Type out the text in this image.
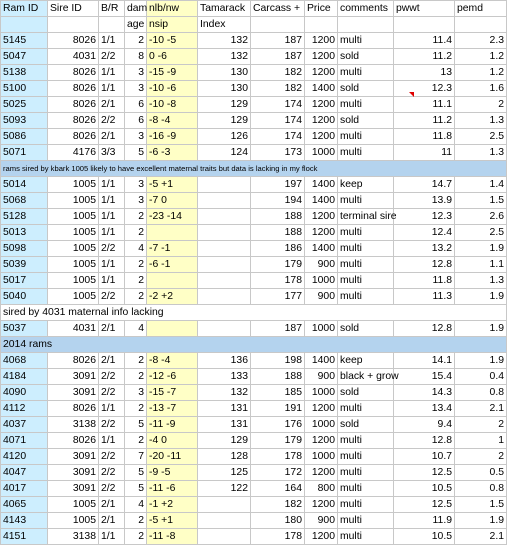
Ram ID	Sire ID	B/R	dam	nlb/nw	Tamarack	Carcass +	Price	comments	pwwt	pemd
			age	nsip	Index					
5145	8026	1/1	2	-10 -5	132	187	1200	multi	11.4	2.3
5047	4031	2/2	8	0 -6	132	187	1200	sold	11.2	1.2
5138	8026	1/1	3	-15 -9	130	182	1200	multi	13	1.2
5100	8026	1/1	3	-10 -6	130	182	1400	sold	12.3	1.6
5025	8026	2/1	6	-10 -8	129	174	1200	multi	11.1	2
5093	8026	2/2	6	-8 -4	129	174	1200	sold	11.2	1.3
5086	8026	2/1	3	-16 -9	126	174	1200	multi	11.8	2.5
5071	4176	3/3	5	-6 -3	124	173	1000	multi	11	1.3
rams sired by kbark 1005 likely to have excellent maternal traits but data is lacking in my flock										
5014	1005	1/1	3	-5 +1		197	1400	keep	14.7	1.4
5068	1005	1/1	3	-7 0		194	1400	multi	13.9	1.5
5128	1005	1/1	2	-23 -14		188	1200	terminal sire	12.3	2.6
5013	1005	1/1	2			188	1200	multi	12.4	2.5
5098	1005	2/2	4	-7 -1		186	1400	multi	13.2	1.9
5039	1005	1/1	2	-6 -1		179	900	multi	12.8	1.1
5017	1005	1/1	2			178	1000	multi	11.8	1.3
5040	1005	2/2	2	-2 +2		177	900	multi	11.3	1.9
sired by 4031 maternal info lacking										
5037	4031	2/1	4			187	1000	sold	12.8	1.9
2014 rams										
4068	8026	2/1	2	-8 -4	136	198	1400	keep	14.1	1.9
4184	3091	2/2	2	-12 -6	133	188	900	black + grow	15.4	0.4
4090	3091	2/2	3	-15 -7	132	185	1000	sold	14.3	0.8
4112	8026	1/1	2	-13 -7	131	191	1200	multi	13.4	2.1
4037	3138	2/2	5	-11 -9	131	176	1000	sold	9.4	2
4071	8026	1/1	2	-4 0	129	179	1200	multi	12.8	1
4120	3091	2/2	7	-20 -11	128	178	1000	multi	10.7	2
4047	3091	2/2	5	-9 -5	125	172	1200	multi	12.5	0.5
4017	3091	2/2	5	-11 -6	122	164	800	multi	10.5	0.8
4065	1005	2/1	4	-1 +2		182	1200	multi	12.5	1.5
4143	1005	2/1	2	-5 +1		180	900	multi	11.9	1.9
4151	3138	1/1	2	-11 -8		178	1200	multi	10.5	2.1
